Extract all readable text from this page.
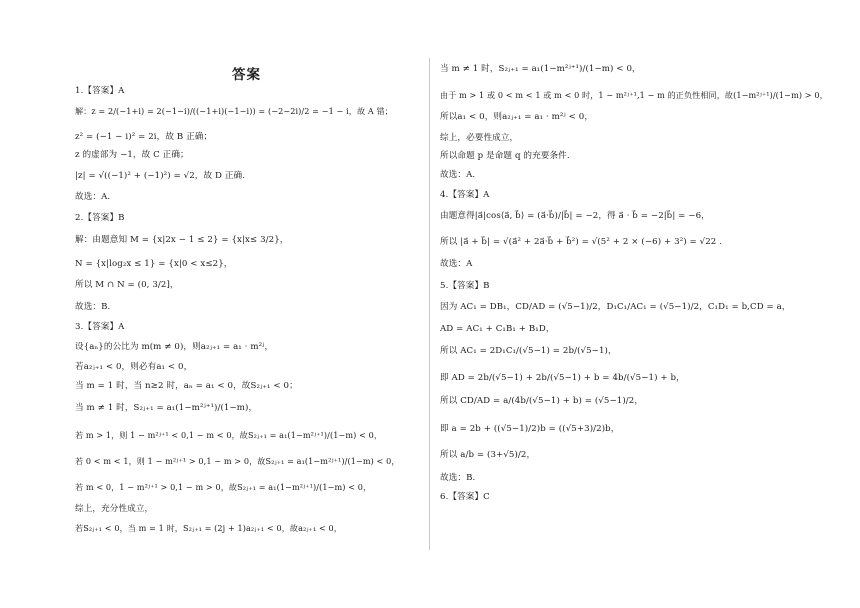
答案
1.【答案】A
解：z = 2/(−1+i) = 2(−1−i)/((−1+i)(−1−i)) = (−2−2i)/2 = −1 − i，故 A 错；
z² = (−1 − i)² = 2i，故 B 正确；
z 的虚部为 −1，故 C 正确；
|z| = √((−1)² + (−1)²) = √2，故 D 正确.
故选：A.
2.【答案】B
解：由题意知 M = {x|2x − 1 ≤ 2} = {x|x≤ 3/2}，
N = {x|log₂x ≤ 1} = {x|0 < x≤2}，
所以 M ∩ N = (0, 3/2]，
故选：B.
3.【答案】A
设{aₙ}的公比为 m(m ≠ 0)，则a₂ⱼ₊₁ = a₁ · m²ʲ，
若a₂ⱼ₊₁ < 0，则必有a₁ < 0，
当 m = 1 时，当 n≥2 时，aₙ = a₁ < 0，故S₂ⱼ₊₁ < 0；
当 m ≠ 1 时，S₂ⱼ₊₁ = a₁(1−m²ʲ⁺¹)/(1−m)，
若 m > 1，则 1 − m²ʲ⁺¹ < 0,1 − m < 0，故S₂ⱼ₊₁ = a₁(1−m²ʲ⁺¹)/(1−m) < 0，
若 0 < m < 1，则 1 − m²ʲ⁺¹ > 0,1 − m > 0，故S₂ⱼ₊₁ = a₁(1−m²ʲ⁺¹)/(1−m) < 0，
若 m < 0，1 − m²ʲ⁺¹ > 0,1 − m > 0，故S₂ⱼ₊₁ = a₁(1−m²ʲ⁺¹)/(1−m) < 0，
综上，充分性成立，
若S₂ⱼ₊₁ < 0，当 m = 1 时，S₂ⱼ₊₁ = (2j + 1)a₂ⱼ₊₁ < 0，故a₂ⱼ₊₁ < 0，
当 m ≠ 1 时，S₂ⱼ₊₁ = a₁(1−m²ʲ⁺¹)/(1−m) < 0，
由于 m > 1 或 0 < m < 1 或 m < 0 时，1 − m²ʲ⁺¹,1 − m 的正负性相同，故(1−m²ʲ⁺¹)/(1−m) > 0，
所以a₁ < 0，则a₂ⱼ₊₁ = a₁ · m²ʲ < 0，
综上，必要性成立，
所以命题 p 是命题 q 的充要条件.
故选：A.
4.【答案】A
由题意得|a⃗|cos⟨a⃗, b⃗⟩ = (a⃗·b⃗)/|b⃗| = −2，得 a⃗ · b⃗ = −2|b⃗| = −6，
所以 |a⃗ + b⃗| = √(a⃗² + 2a⃗·b⃗ + b⃗²) = √(5² + 2 × (−6) + 3²) = √22 .
故选：A
5.【答案】B
因为 AC₁ = DB₁，CD/AD = (√5−1)/2，D₁C₁/AC₁ = (√5−1)/2，C₁D₁ = b,CD = a，
AD = AC₁ + C₁B₁ + B₁D，
所以 AC₁ = 2D₁C₁/(√5−1) = 2b/(√5−1)，
即 AD = 2b/(√5−1) + 2b/(√5−1) + b = 4b/(√5−1) + b，
所以 CD/AD = a/(4b/(√5−1) + b) = (√5−1)/2，
即 a = 2b + ((√5−1)/2)b = ((√5+3)/2)b，
所以 a/b = (3+√5)/2，
故选：B.
6.【答案】C
